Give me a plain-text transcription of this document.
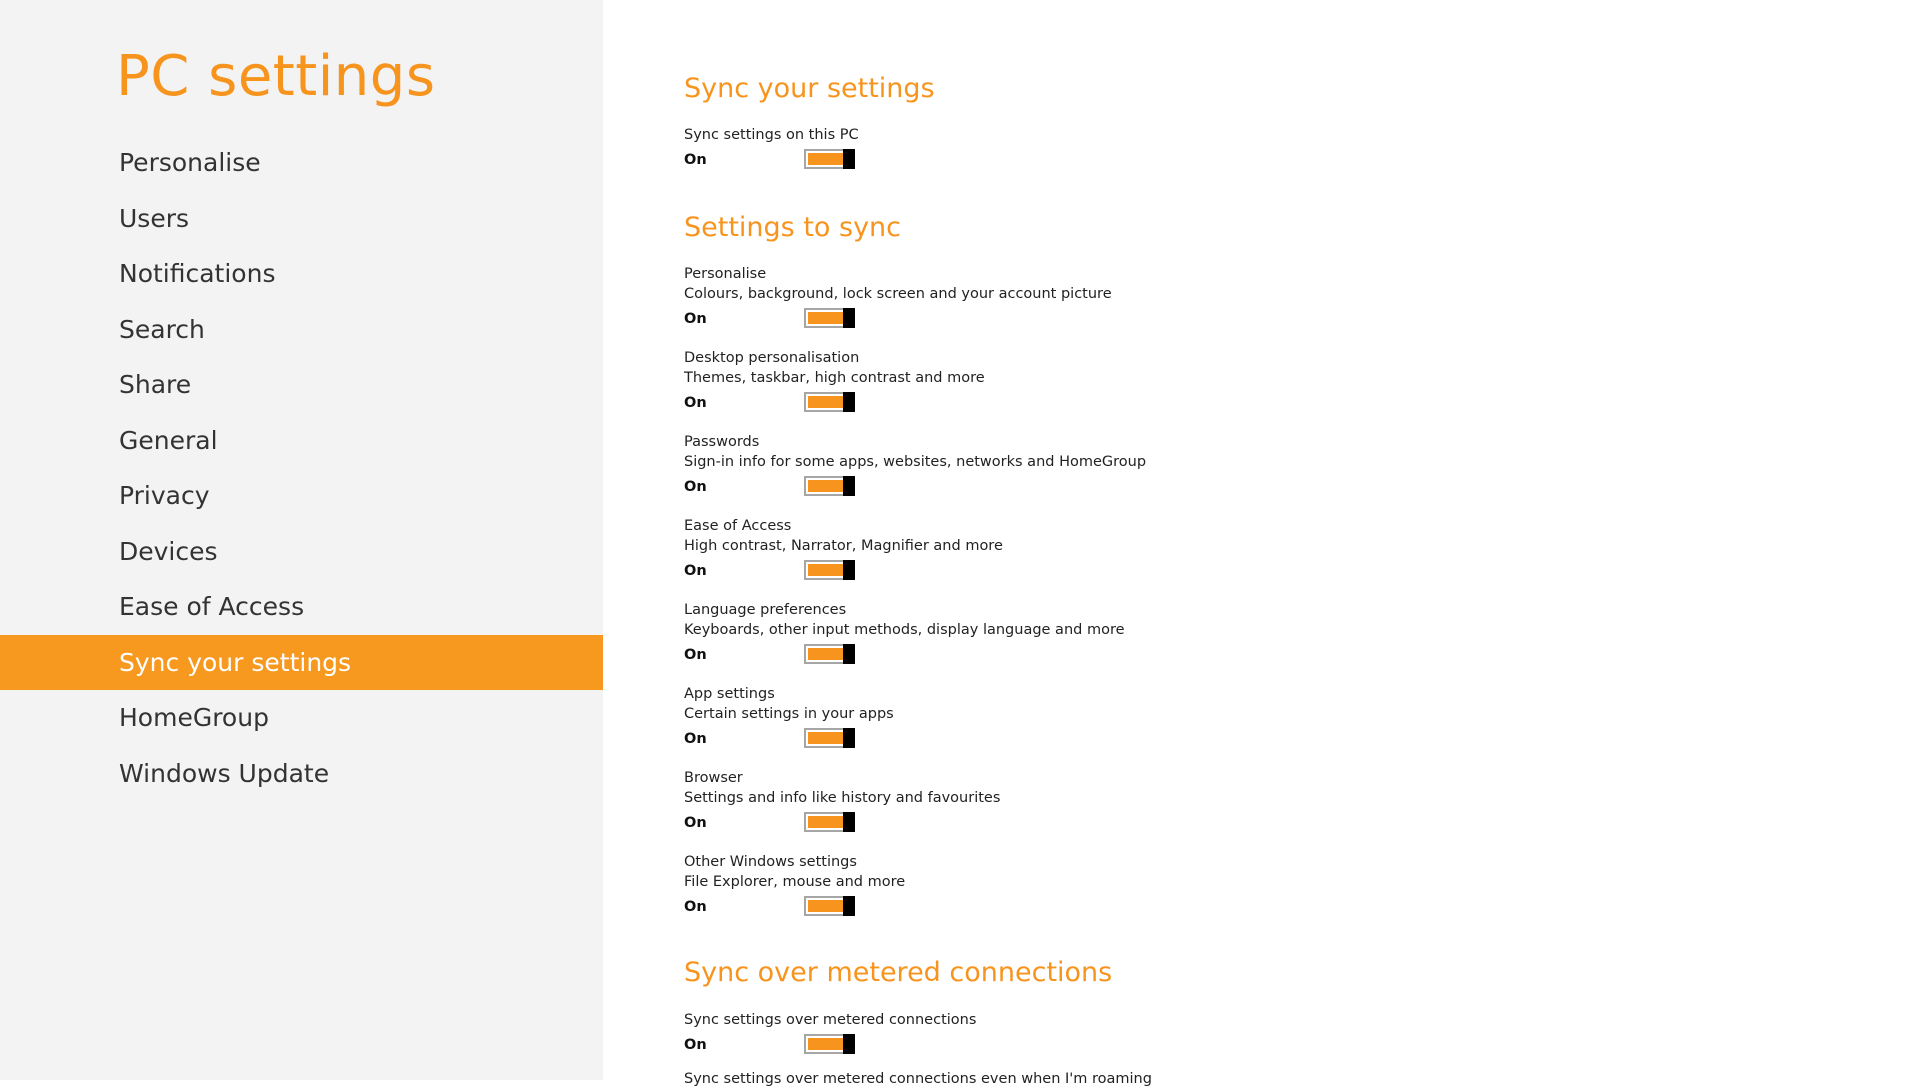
PC settings
Personalise
Users
Notifications
Search
Share
General
Privacy
Devices
Ease of Access
Sync your settings
HomeGroup
Windows Update
Sync your settings
Sync settings on this PC
On
Settings to sync
Personalise
Colours, background, lock screen and your account picture
On
Desktop personalisation
Themes, taskbar, high contrast and more
On
Passwords
Sign-in info for some apps, websites, networks and HomeGroup
On
Ease of Access
High contrast, Narrator, Magnifier and more
On
Language preferences
Keyboards, other input methods, display language and more
On
App settings
Certain settings in your apps
On
Browser
Settings and info like history and favourites
On
Other Windows settings
File Explorer, mouse and more
On
Sync over metered connections
Sync settings over metered connections
On
Sync settings over metered connections even when I'm roaming
